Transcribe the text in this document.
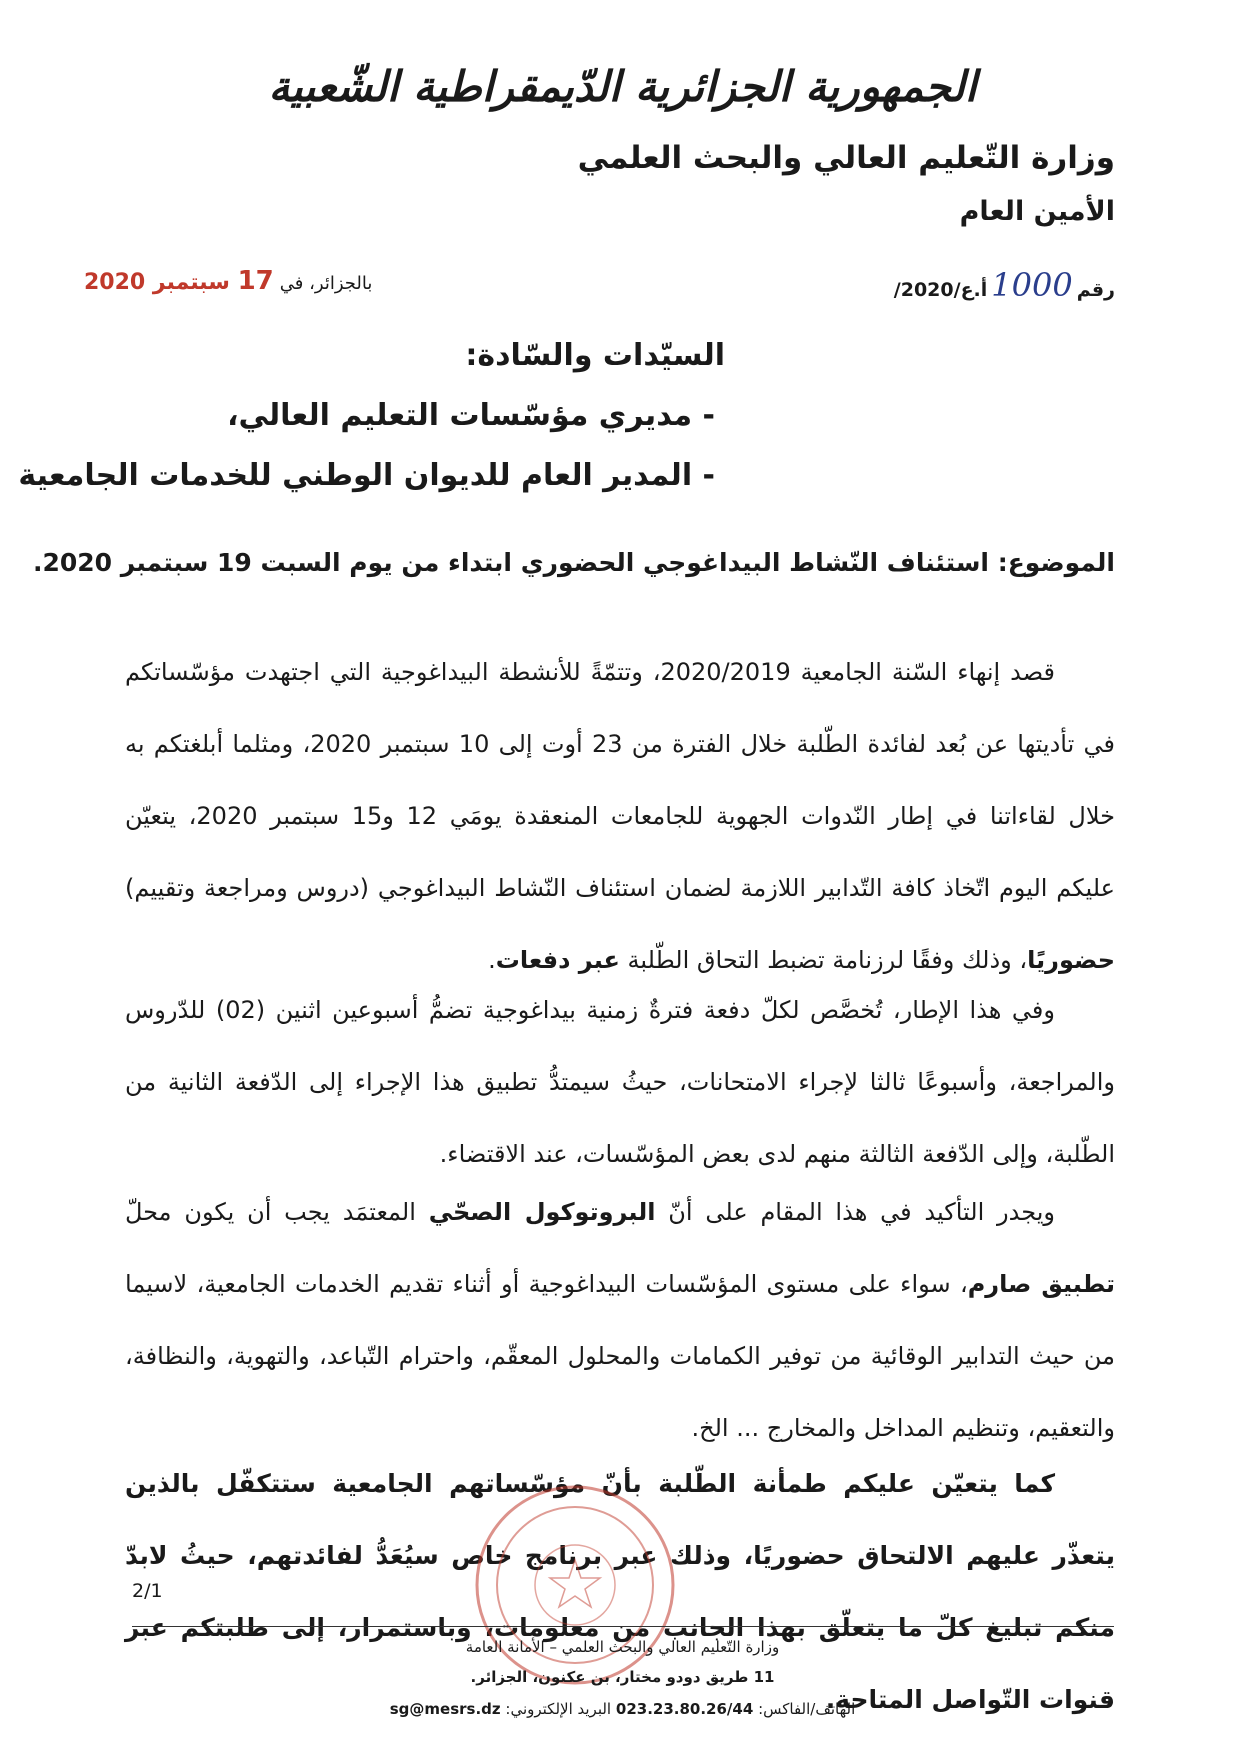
الجمهورية الجزائرية الدّيمقراطية الشّعبية
وزارة التّعليم العالي والبحث العلمي
الأمين العام
رقم
1000
/أ.ع/2020
بالجزائر، في
17 سبتمبر 2020
السيّدات والسّادة:
- مديري مؤسّسات التعليم العالي،
- المدير العام للديوان الوطني للخدمات الجامعية
الموضوع: استئناف النّشاط البيداغوجي الحضوري ابتداء من يوم السبت 19 سبتمبر 2020.
قصد إنهاء السّنة الجامعية 2020/2019، وتتمّةً للأنشطة البيداغوجية التي اجتهدت مؤسّساتكم في تأديتها عن بُعد لفائدة الطّلبة خلال الفترة من 23 أوت إلى 10 سبتمبر 2020، ومثلما أبلغتكم به خلال لقاءاتنا في إطار النّدوات الجهوية للجامعات المنعقدة يومَي 12 و15 سبتمبر 2020، يتعيّن عليكم اليوم اتّخاذ كافة التّدابير اللازمة لضمان استئناف النّشاط البيداغوجي (دروس ومراجعة وتقييم) حضوريًا، وذلك وفقًا لرزنامة تضبط التحاق الطّلبة عبر دفعات.
وفي هذا الإطار، تُخصَّص لكلّ دفعة فترةٌ زمنية بيداغوجية تضمُّ أسبوعين اثنين (02) للدّروس والمراجعة، وأسبوعًا ثالثا لإجراء الامتحانات، حيثُ سيمتدُّ تطبيق هذا الإجراء إلى الدّفعة الثانية من الطّلبة، وإلى الدّفعة الثالثة منهم لدى بعض المؤسّسات، عند الاقتضاء.
ويجدر التأكيد في هذا المقام على أنّ البروتوكول الصحّي المعتمَد يجب أن يكون محلّ تطبيق صارم، سواء على مستوى المؤسّسات البيداغوجية أو أثناء تقديم الخدمات الجامعية، لاسيما من حيث التدابير الوقائية من توفير الكمامات والمحلول المعقّم، واحترام التّباعد، والتهوية، والنظافة، والتعقيم، وتنظيم المداخل والمخارج ... الخ.
كما يتعيّن عليكم طمأنة الطّلبة بأنّ مؤسّساتهم الجامعية ستتكفّل بالذين يتعذّر عليهم الالتحاق حضوريًا، وذلك عبر برنامج خاص سيُعَدُّ لفائدتهم، حيثُ لابدّ منكم تبليغ كلّ ما يتعلّق بهذا الجانب من معلومات، وباستمرار، إلى طلبتكم عبر قنوات التّواصل المتاحة.
2/1
وزارة التّعليم العالي والبحث العلمي – الأمانة العامة
11 طريق دودو مختار، بن عكنون، الجزائر.
الهاتف/الفاكس: 023.23.80.26/44 البريد الإلكتروني: sg@mesrs.dz
